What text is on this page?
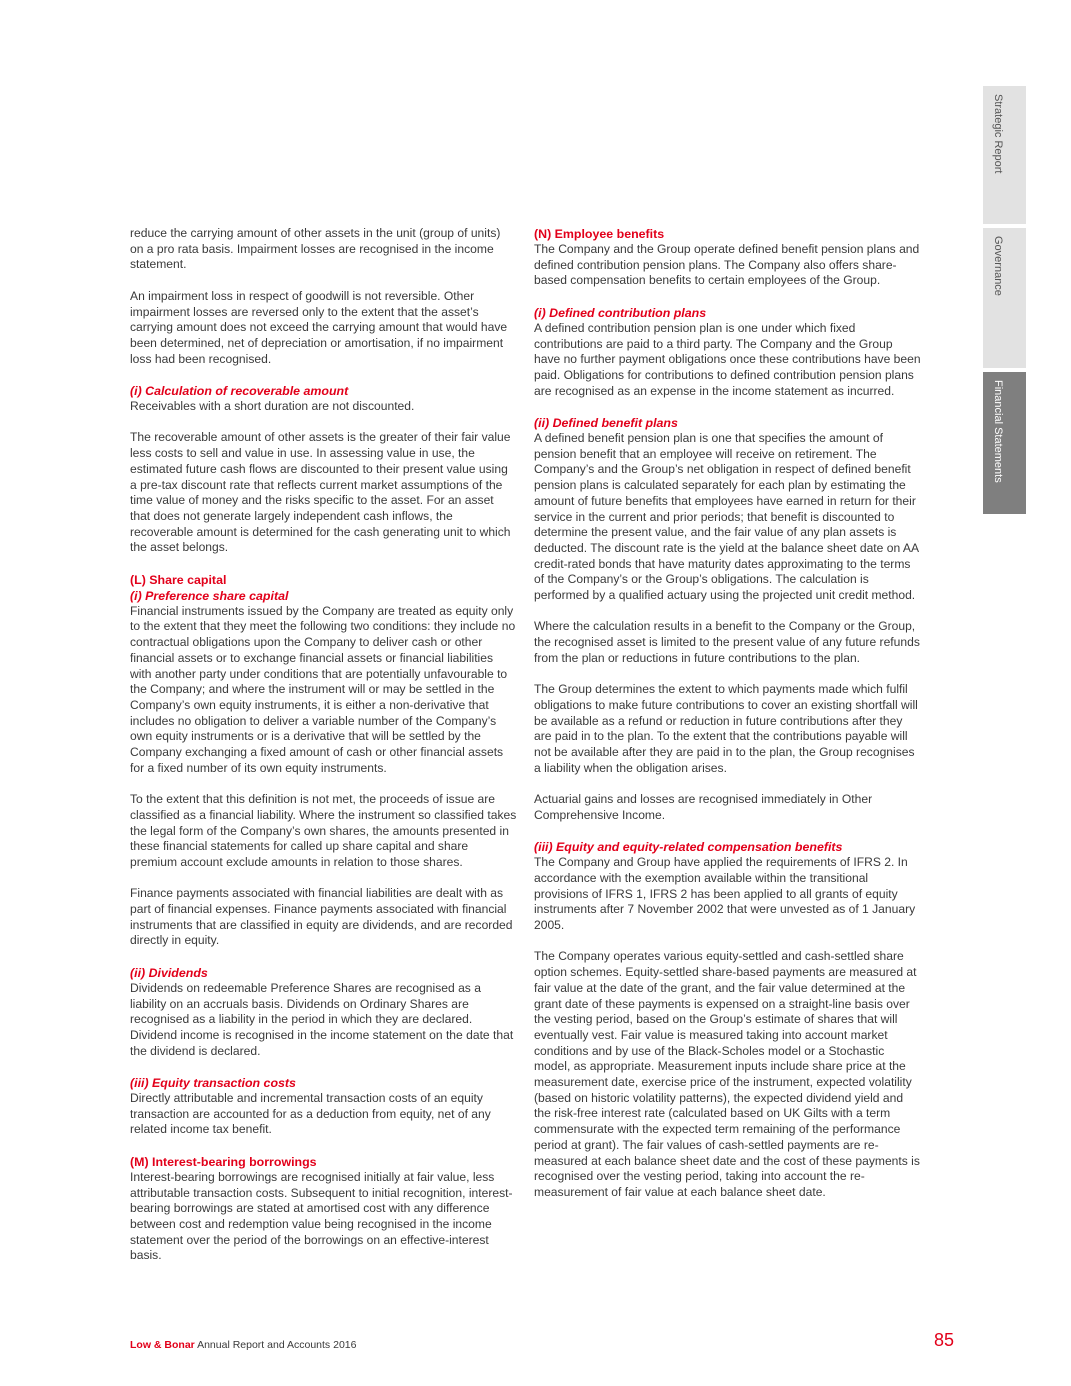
Strategic Report
Governance
Financial Statements

reduce the carrying amount of other assets in the unit (group of units) on a pro rata basis. Impairment losses are recognised in the income statement.

An impairment loss in respect of goodwill is not reversible. Other impairment losses are reversed only to the extent that the asset’s carrying amount does not exceed the carrying amount that would have been determined, net of depreciation or amortisation, if no impairment loss had been recognised.

(i) Calculation of recoverable amount

Receivables with a short duration are not discounted.

The recoverable amount of other assets is the greater of their fair value less costs to sell and value in use. In assessing value in use, the estimated future cash flows are discounted to their present value using a pre-tax discount rate that reflects current market assumptions of the time value of money and the risks specific to the asset. For an asset that does not generate largely independent cash inflows, the recoverable amount is determined for the cash generating unit to which the asset belongs.

(L) Share capital
(i) Preference share capital

Financial instruments issued by the Company are treated as equity only to the extent that they meet the following two conditions: they include no contractual obligations upon the Company to deliver cash or other financial assets or to exchange financial assets or financial liabilities with another party under conditions that are potentially unfavourable to the Company; and where the instrument will or may be settled in the Company’s own equity instruments, it is either a non-derivative that includes no obligation to deliver a variable number of the Company’s own equity instruments or is a derivative that will be settled by the Company exchanging a fixed amount of cash or other financial assets for a fixed number of its own equity instruments.

To the extent that this definition is not met, the proceeds of issue are classified as a financial liability. Where the instrument so classified takes the legal form of the Company’s own shares, the amounts presented in these financial statements for called up share capital and share premium account exclude amounts in relation to those shares.

Finance payments associated with financial liabilities are dealt with as part of financial expenses. Finance payments associated with financial instruments that are classified in equity are dividends, and are recorded directly in equity.

(ii) Dividends

Dividends on redeemable Preference Shares are recognised as a liability on an accruals basis. Dividends on Ordinary Shares are recognised as a liability in the period in which they are declared. Dividend income is recognised in the income statement on the date that the dividend is declared.

(iii) Equity transaction costs

Directly attributable and incremental transaction costs of an equity transaction are accounted for as a deduction from equity, net of any related income tax benefit.

(M) Interest-bearing borrowings

Interest-bearing borrowings are recognised initially at fair value, less attributable transaction costs. Subsequent to initial recognition, interest-bearing borrowings are stated at amortised cost with any difference between cost and redemption value being recognised in the income statement over the period of the borrowings on an effective-interest basis.

(N) Employee benefits

The Company and the Group operate defined benefit pension plans and defined contribution pension plans. The Company also offers share-based compensation benefits to certain employees of the Group.

(i) Defined contribution plans

A defined contribution pension plan is one under which fixed contributions are paid to a third party. The Company and the Group have no further payment obligations once these contributions have been paid. Obligations for contributions to defined contribution pension plans are recognised as an expense in the income statement as incurred.

(ii) Defined benefit plans

A defined benefit pension plan is one that specifies the amount of pension benefit that an employee will receive on retirement. The Company’s and the Group’s net obligation in respect of defined benefit pension plans is calculated separately for each plan by estimating the amount of future benefits that employees have earned in return for their service in the current and prior periods; that benefit is discounted to determine the present value, and the fair value of any plan assets is deducted. The discount rate is the yield at the balance sheet date on AA credit-rated bonds that have maturity dates approximating to the terms of the Company’s or the Group’s obligations. The calculation is performed by a qualified actuary using the projected unit credit method.

Where the calculation results in a benefit to the Company or the Group, the recognised asset is limited to the present value of any future refunds from the plan or reductions in future contributions to the plan.

The Group determines the extent to which payments made which fulfil obligations to make future contributions to cover an existing shortfall will be available as a refund or reduction in future contributions after they are paid in to the plan. To the extent that the contributions payable will not be available after they are paid in to the plan, the Group recognises a liability when the obligation arises.

Actuarial gains and losses are recognised immediately in Other Comprehensive Income.

(iii) Equity and equity-related compensation benefits

The Company and Group have applied the requirements of IFRS 2. In accordance with the exemption available within the transitional provisions of IFRS 1, IFRS 2 has been applied to all grants of equity instruments after 7 November 2002 that were unvested as of 1 January 2005.

The Company operates various equity-settled and cash-settled share option schemes. Equity-settled share-based payments are measured at fair value at the date of the grant, and the fair value determined at the grant date of these payments is expensed on a straight-line basis over the vesting period, based on the Group’s estimate of shares that will eventually vest. Fair value is measured taking into account market conditions and by use of the Black-Scholes model or a Stochastic model, as appropriate. Measurement inputs include share price at the measurement date, exercise price of the instrument, expected volatility (based on historic volatility patterns), the expected dividend yield and the risk-free interest rate (calculated based on UK Gilts with a term commensurate with the expected term remaining of the performance period at grant). The fair values of cash-settled payments are re-measured at each balance sheet date and the cost of these payments is recognised over the vesting period, taking into account the re-measurement of fair value at each balance sheet date.

Low & Bonar Annual Report and Accounts 2016	85
